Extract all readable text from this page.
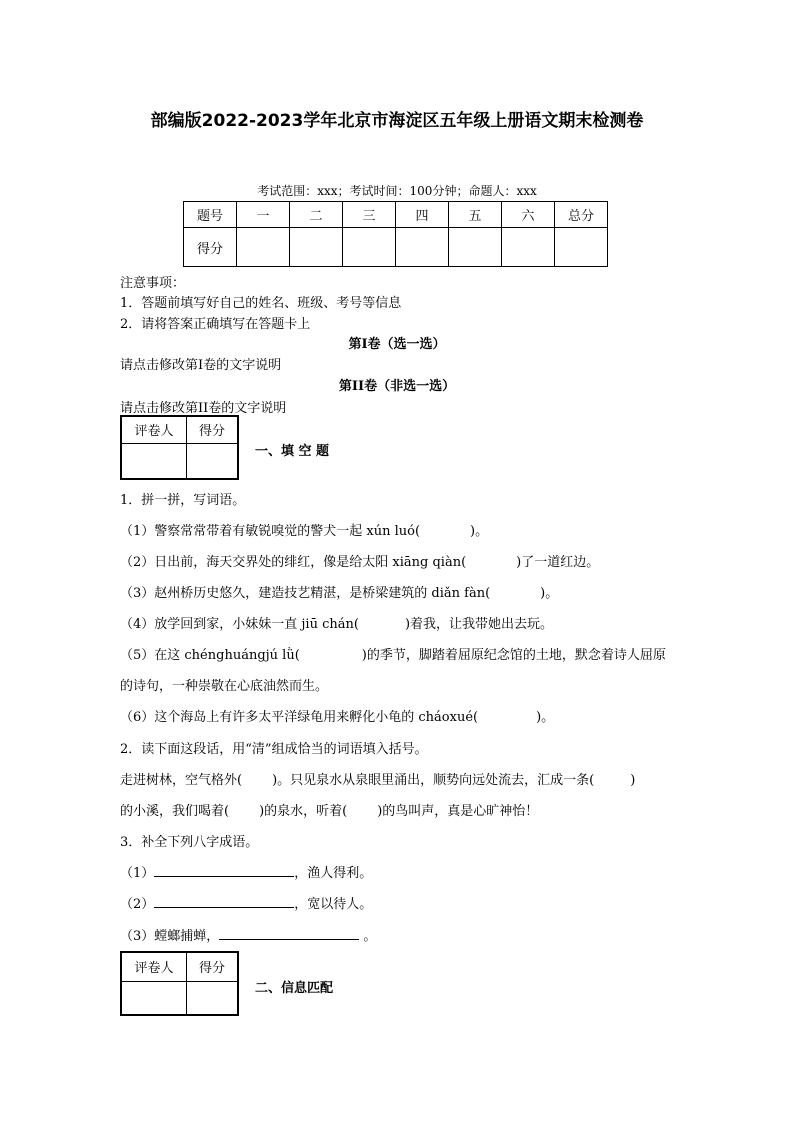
部编版2022-2023学年北京市海淀区五年级上册语文期末检测卷
考试范围：xxx；考试时间：100分钟；命题人：xxx
题号	一	二	三	四	五	六	总分
得分							
注意事项：
1．答题前填写好自己的姓名、班级、考号等信息
2．请将答案正确填写在答题卡上
第I卷（选一选）
请点击修改第I卷的文字说明
第II卷（非选一选）
请点击修改第II卷的文字说明
评卷人	得分

一、填 空 题
1．拼一拼，写词语。
（1）警察常常带着有敏锐嗅觉的警犬一起 xún luó(	)。
（2）日出前，海天交界处的绯红，像是给太阳 xiāng qiàn(	)了一道红边。
（3）赵州桥历史悠久，建造技艺精湛，是桥梁建筑的 diǎn fàn(	)。
（4）放学回到家，小妹妹一直 jiū chán(	)着我，让我带她出去玩。
（5）在这 chénghuángjú lǜ(	)的季节，脚踏着屈原纪念馆的土地，默念着诗人屈原
的诗句，一种崇敬在心底油然而生。
（6）这个海岛上有许多太平洋绿龟用来孵化小龟的 cháoxué(	)。
2．读下面这段话，用“清”组成恰当的词语填入括号。
走进树林，空气格外( )。只见泉水从泉眼里涌出，顺势向远处流去，汇成一条(	)
的小溪，我们喝着( )的泉水，听着( )的鸟叫声，真是心旷神怡！
3．补全下列八字成语。
（1）	，渔人得利。
（2）	，宽以待人。
（3）螳螂捕蝉，	。
评卷人	得分

二、信息匹配
